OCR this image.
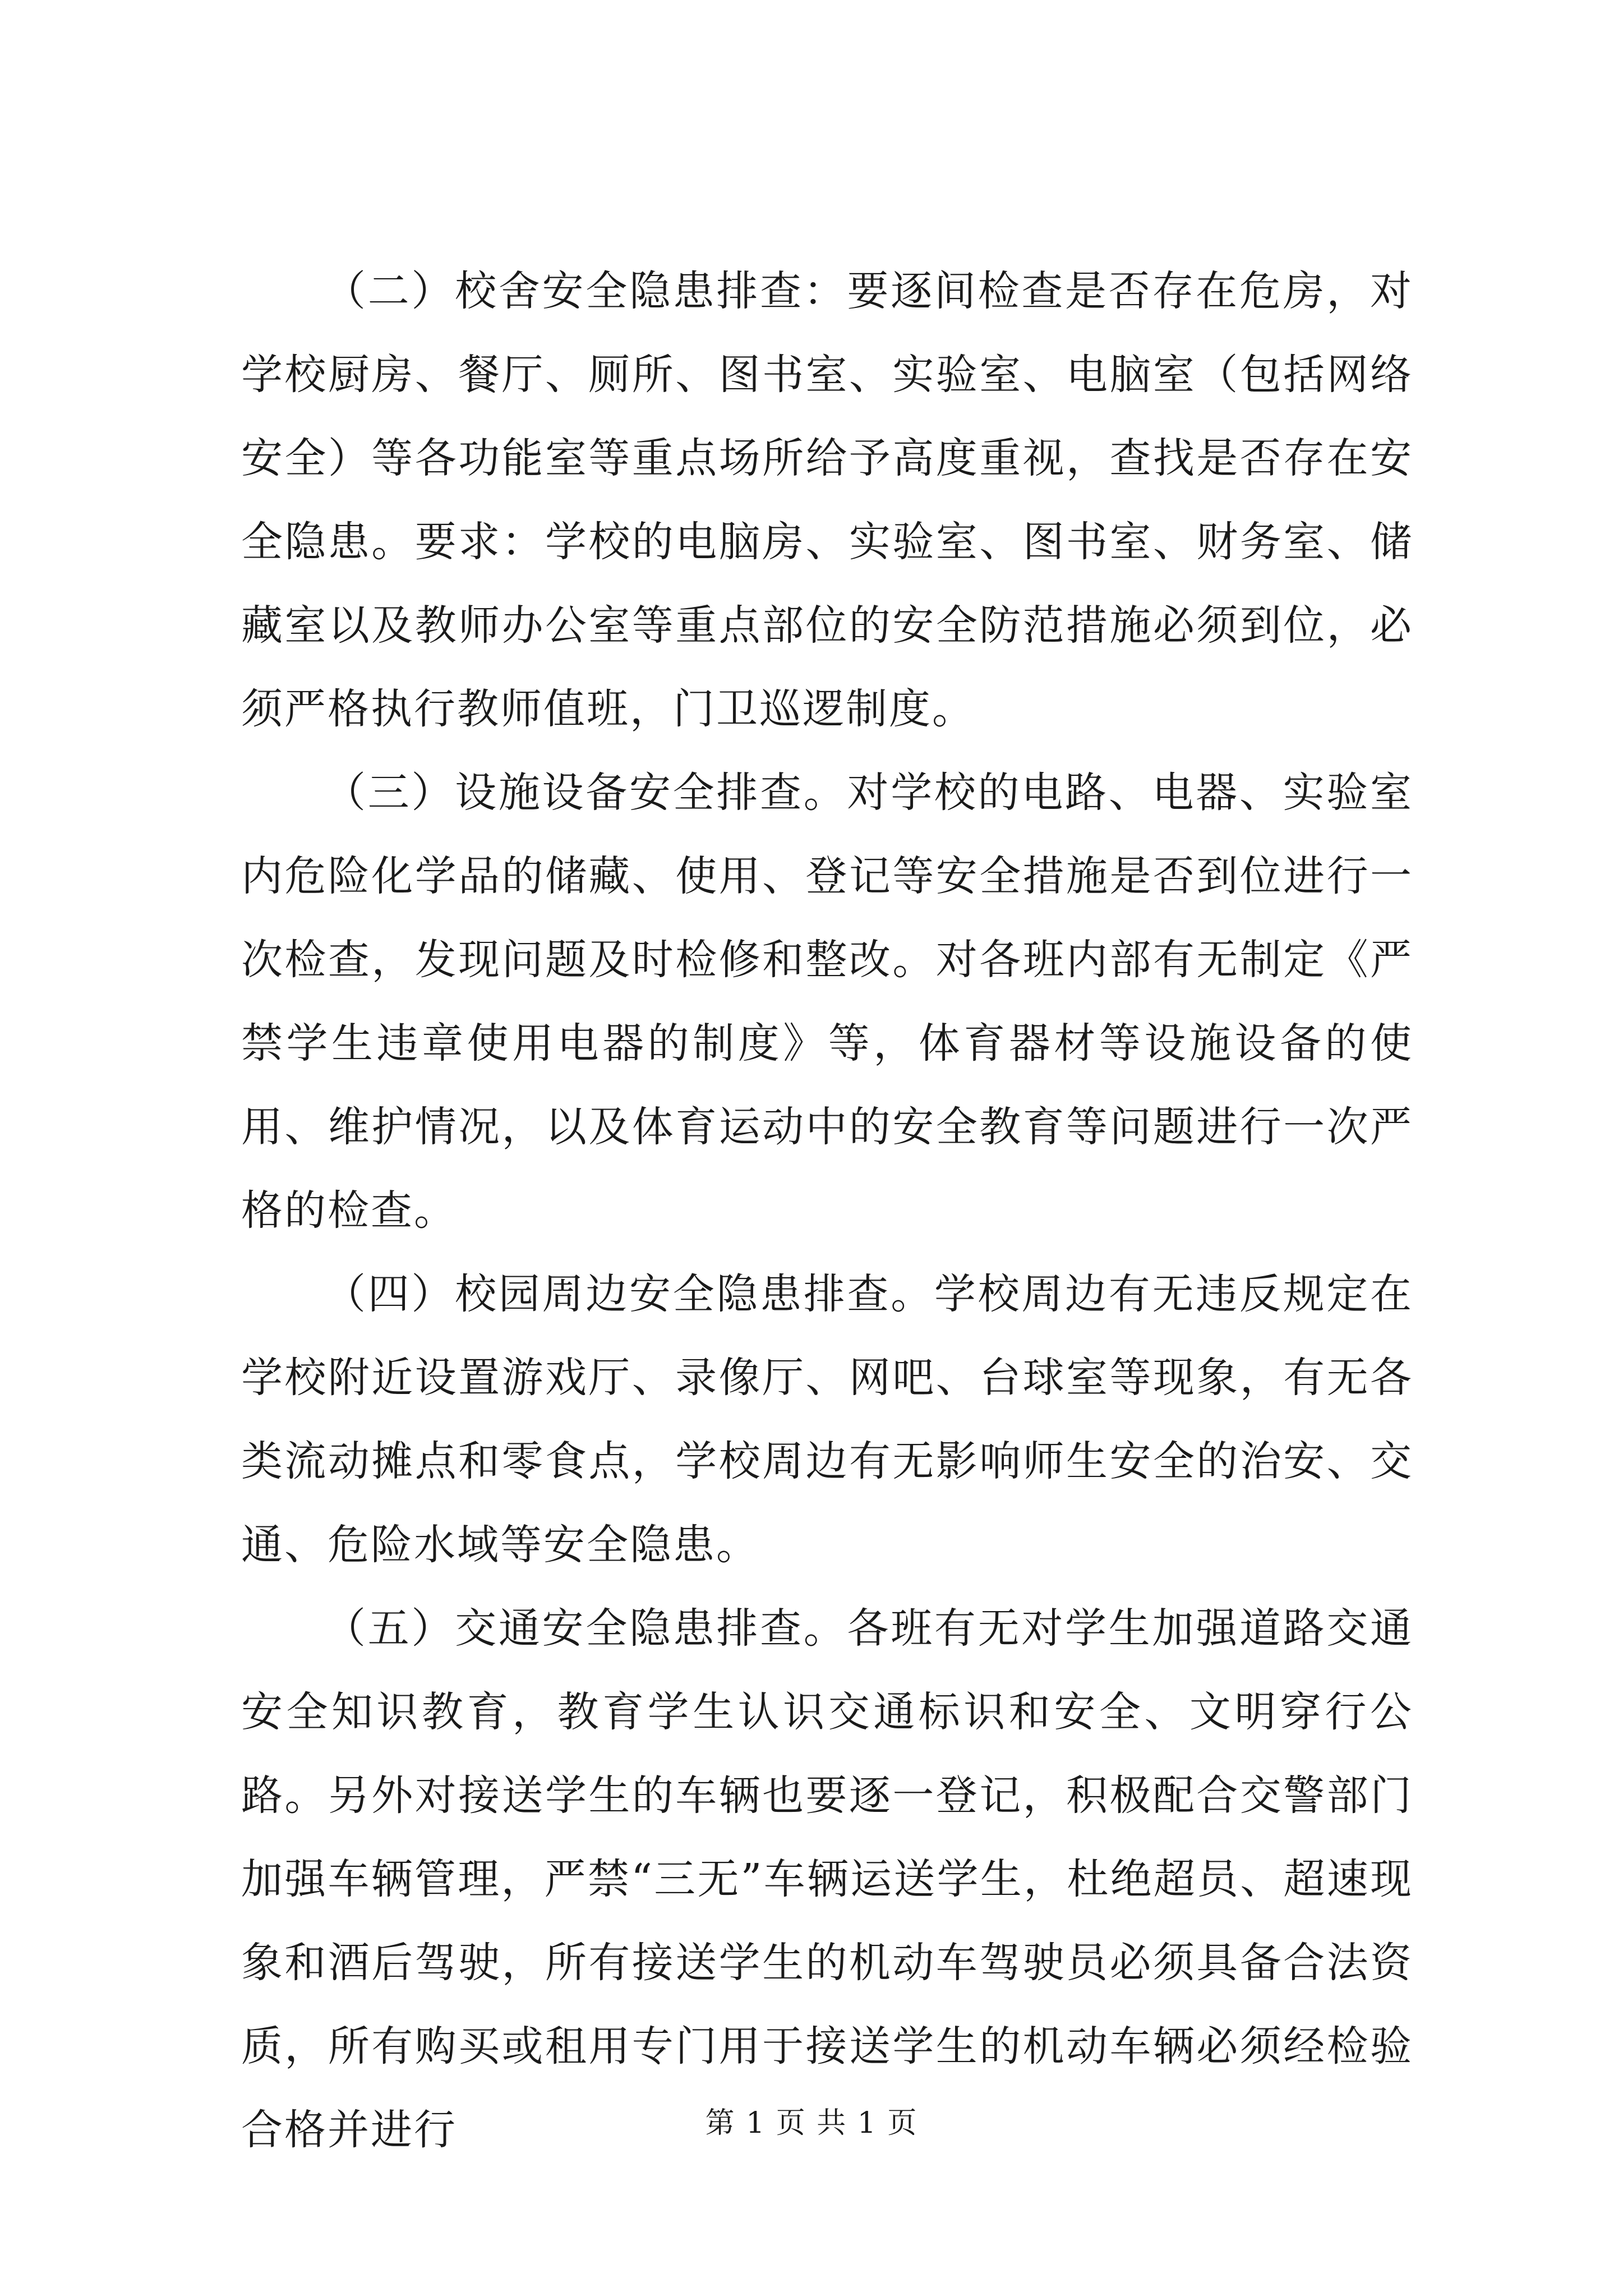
（二）校舍安全隐患排查：要逐间检查是否存在危房，对学校厨房、餐厅、厕所、图书室、实验室、电脑室（包括网络安全）等各功能室等重点场所给予高度重视，查找是否存在安全隐患。要求：学校的电脑房、实验室、图书室、财务室、储藏室以及教师办公室等重点部位的安全防范措施必须到位，必须严格执行教师值班，门卫巡逻制度。

（三）设施设备安全排查。对学校的电路、电器、实验室内危险化学品的储藏、使用、登记等安全措施是否到位进行一次检查，发现问题及时检修和整改。对各班内部有无制定《严禁学生违章使用电器的制度》等，体育器材等设施设备的使用、维护情况，以及体育运动中的安全教育等问题进行一次严格的检查。

（四）校园周边安全隐患排查。学校周边有无违反规定在学校附近设置游戏厅、录像厅、网吧、台球室等现象，有无各类流动摊点和零食点，学校周边有无影响师生安全的治安、交通、危险水域等安全隐患。

（五）交通安全隐患排查。各班有无对学生加强道路交通安全知识教育，教育学生认识交通标识和安全、文明穿行公路。另外对接送学生的车辆也要逐一登记，积极配合交警部门加强车辆管理，严禁“三无”车辆运送学生，杜绝超员、超速现象和酒后驾驶，所有接送学生的机动车驾驶员必须具备合法资质，所有购买或租用专门用于接送学生的机动车辆必须经检验合格并进行	第 1 页 共 1 页
